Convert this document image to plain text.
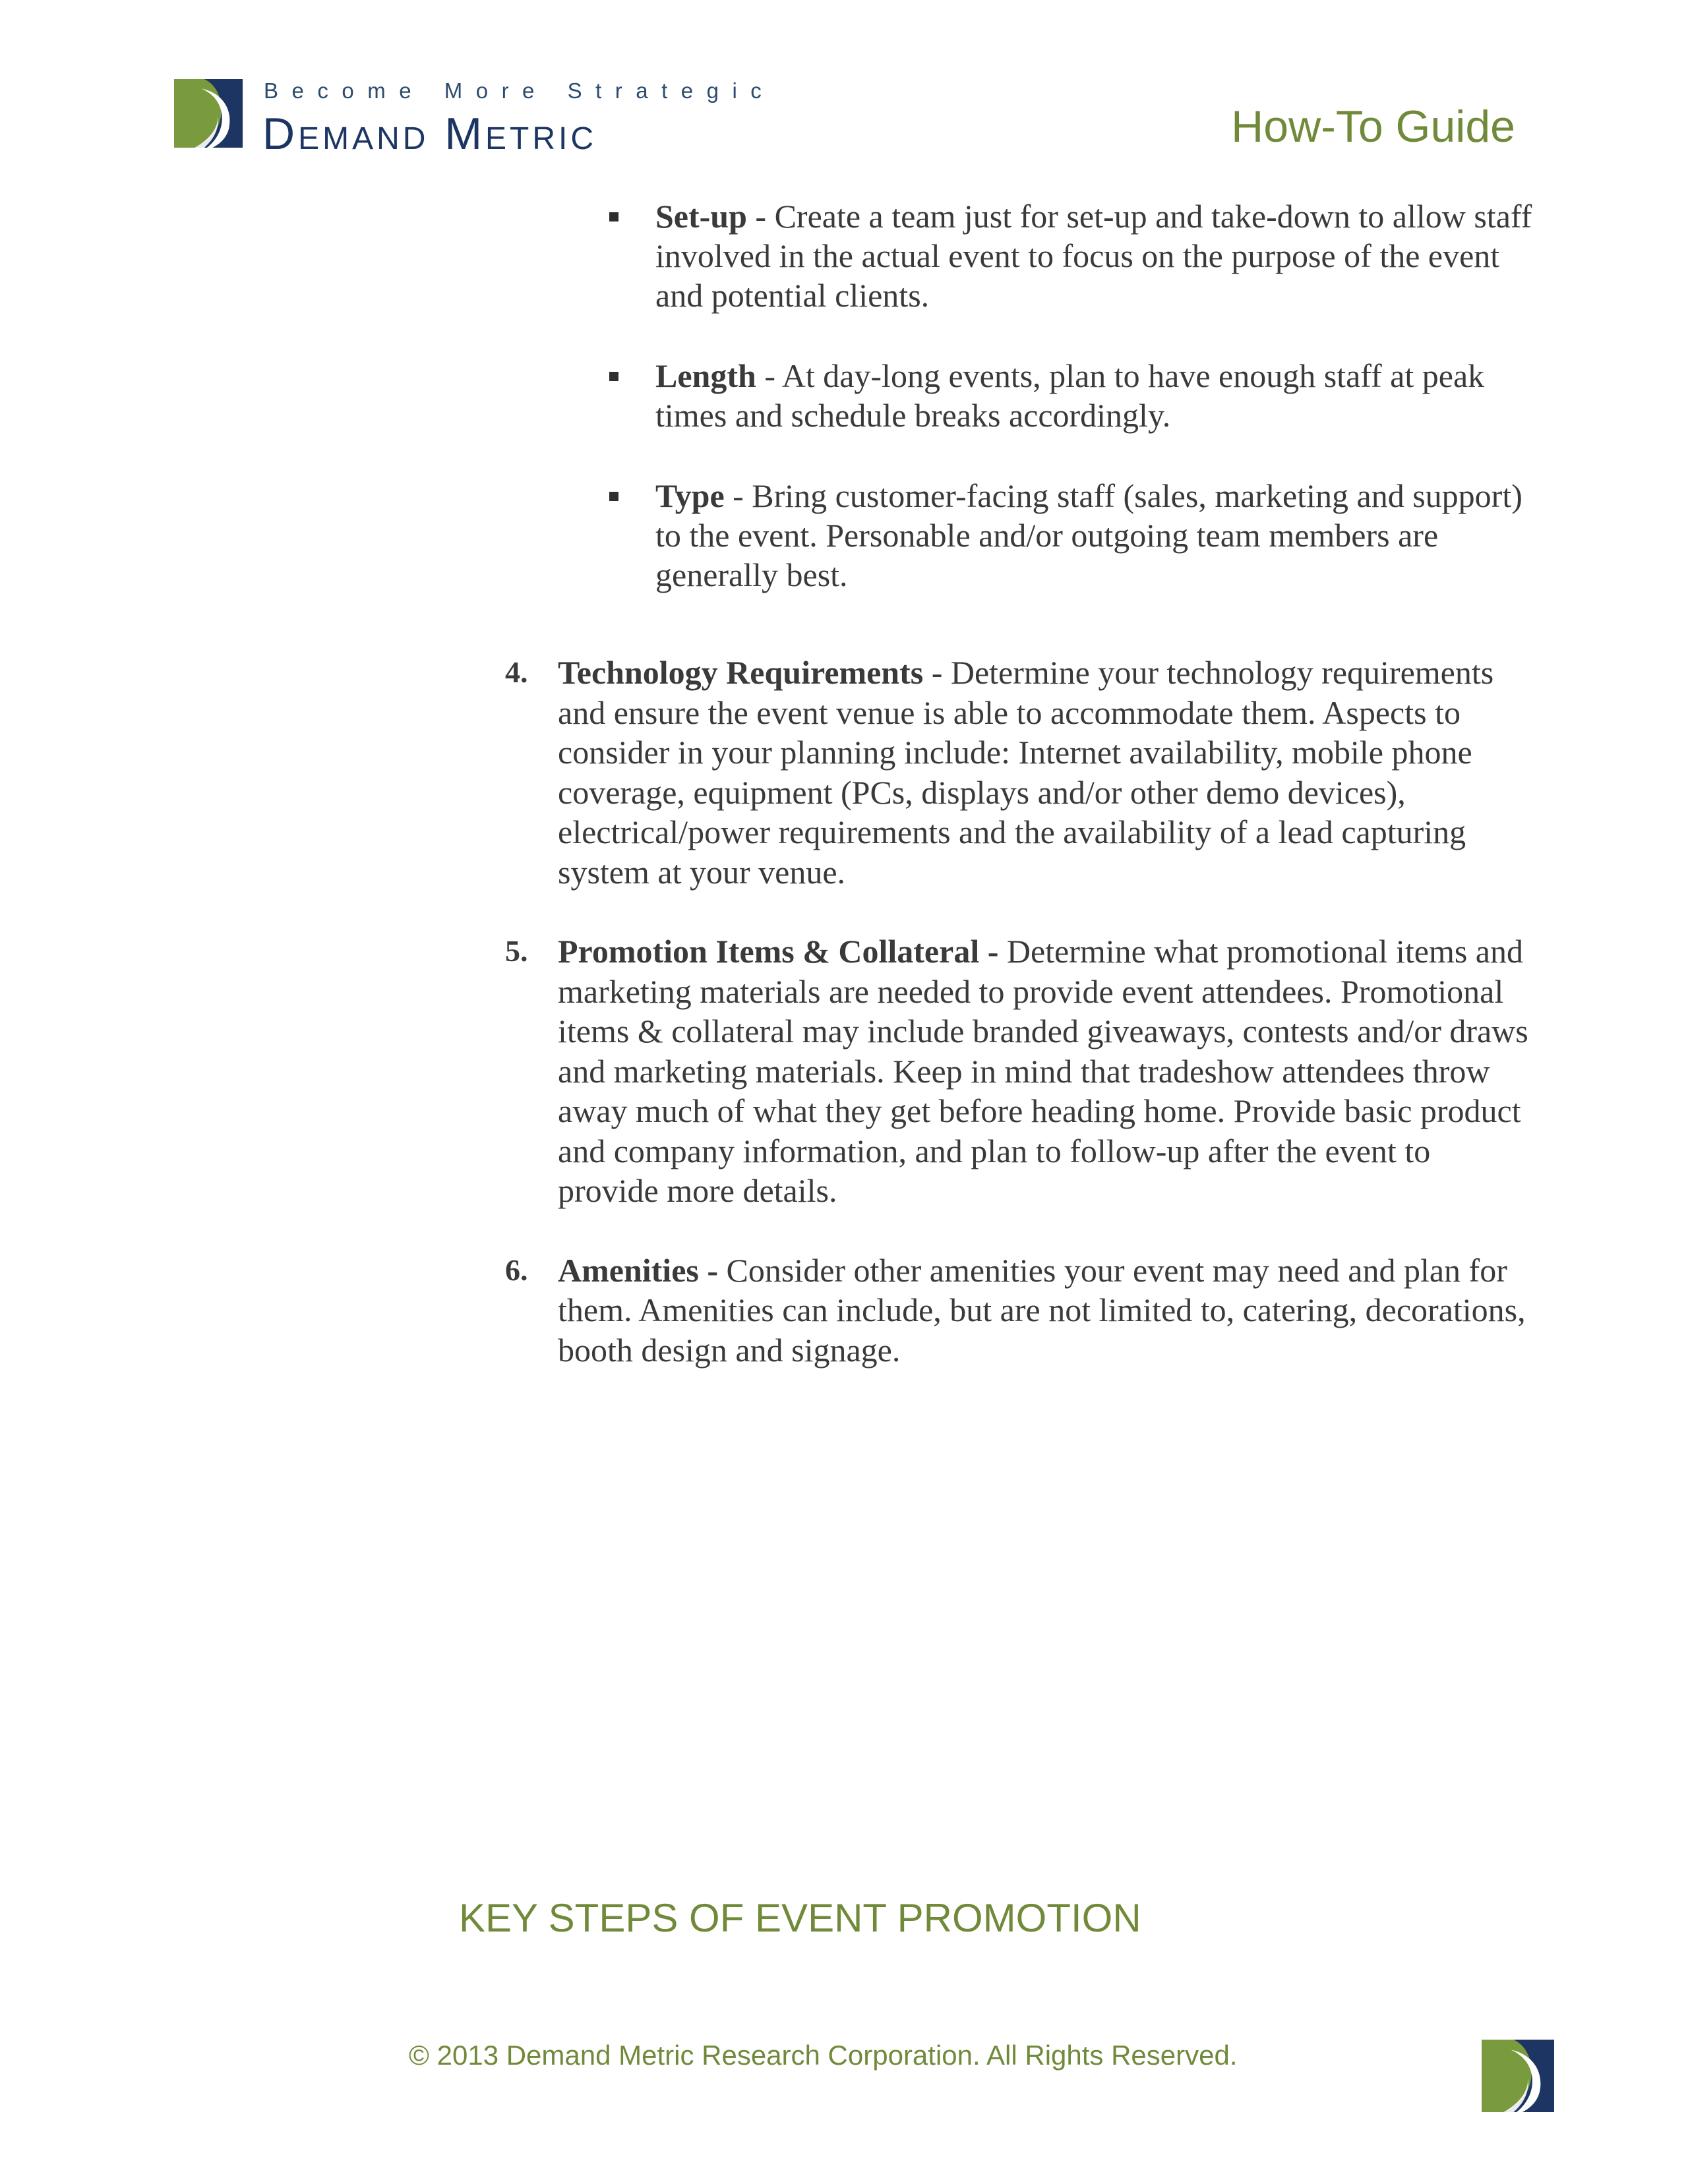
Become More Strategic
Demand Metric	How-To Guide
Set-up - Create a team just for set-up and take-down to allow staff involved in the actual event to focus on the purpose of the event and potential clients.
Length - At day-long events, plan to have enough staff at peak times and schedule breaks accordingly.
Type - Bring customer-facing staff (sales, marketing and support) to the event. Personable and/or outgoing team members are generally best.
4. Technology Requirements - Determine your technology requirements and ensure the event venue is able to accommodate them. Aspects to consider in your planning include: Internet availability, mobile phone coverage, equipment (PCs, displays and/or other demo devices), electrical/power requirements and the availability of a lead capturing system at your venue.
5. Promotion Items & Collateral - Determine what promotional items and marketing materials are needed to provide event attendees. Promotional items & collateral may include branded giveaways, contests and/or draws and marketing materials. Keep in mind that tradeshow attendees throw away much of what they get before heading home. Provide basic product and company information, and plan to follow-up after the event to provide more details.
6. Amenities - Consider other amenities your event may need and plan for them. Amenities can include, but are not limited to, catering, decorations, booth design and signage.
KEY STEPS OF EVENT PROMOTION
© 2013 Demand Metric Research Corporation. All Rights Reserved.
